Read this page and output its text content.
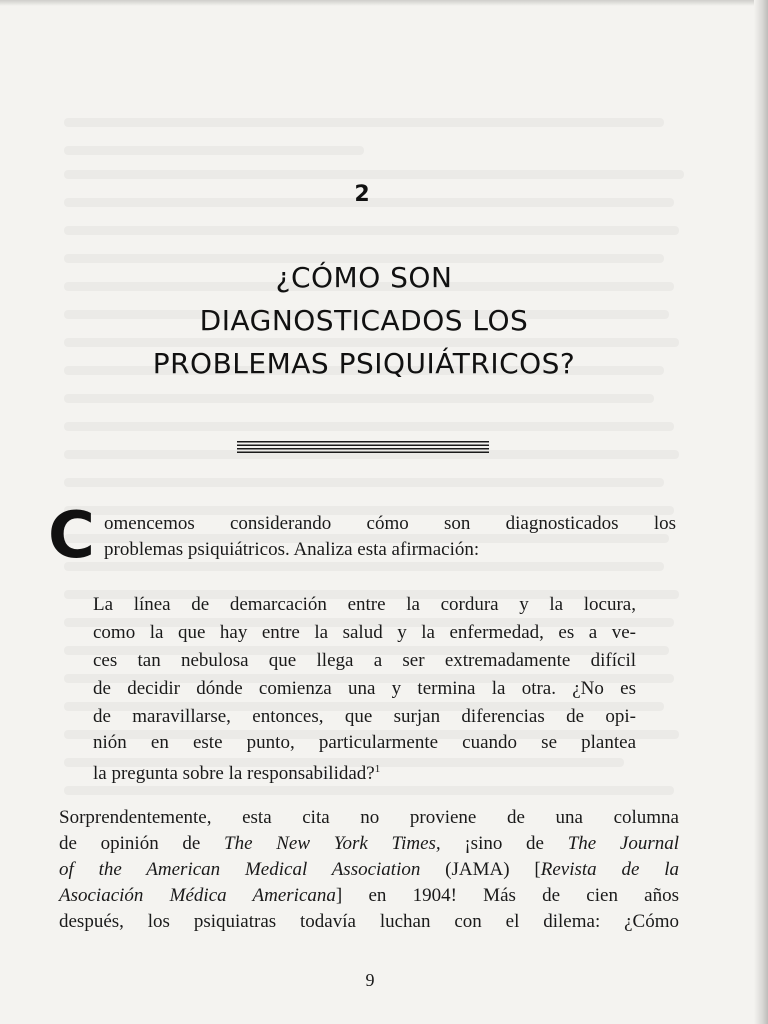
2
¿CÓMO SON
DIAGNOSTICADOS LOS
PROBLEMAS PSIQUIÁTRICOS?
C omencemos considerando cómo son diagnosticados los
problemas psiquiátricos. Analiza esta afirmación:
La línea de demarcación entre la cordura y la locura,
como la que hay entre la salud y la enfermedad, es a ve-
ces tan nebulosa que llega a ser extremadamente difícil
de decidir dónde comienza una y termina la otra. ¿No es
de maravillarse, entonces, que surjan diferencias de opi-
nión en este punto, particularmente cuando se plantea
la pregunta sobre la responsabilidad?$^1$
Sorprendentemente, esta cita no proviene de una columna
de opinión de The New York Times, ¡sino de The Journal
of the American Medical Association (JAMA) [Revista de la
Asociación Médica Americana] en 1904! Más de cien años
después, los psiquiatras todavía luchan con el dilema: ¿Cómo
9
